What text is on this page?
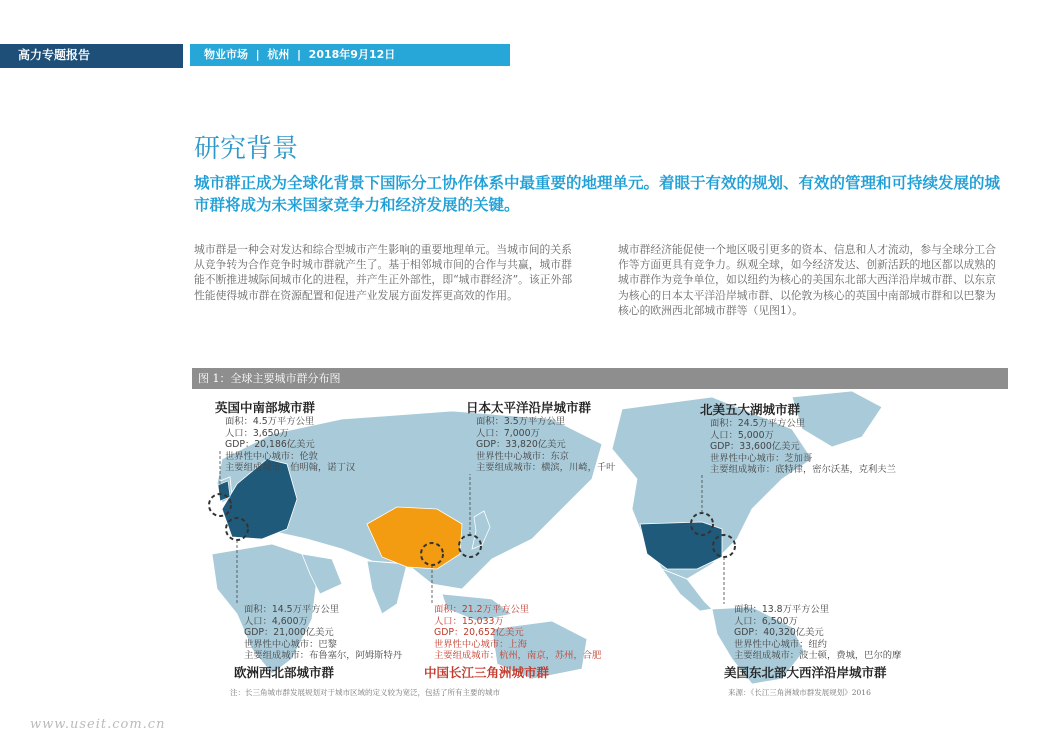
高力专题报告	物业市场  |  杭州  |  2018年9月12日
研究背景
城市群正成为全球化背景下国际分工协作体系中最重要的地理单元。着眼于有效的规划、有效的管理和可持续发展的城市群将成为未来国家竞争力和经济发展的关键。
城市群是一种会对发达和综合型城市产生影响的重要地理单元。当城市间的关系从竞争转为合作竞争时城市群就产生了。基于相邻城市间的合作与共赢，城市群能不断推进城际间城市化的进程，并产生正外部性，即“城市群经济”。该正外部性能使得城市群在资源配置和促进产业发展方面发挥更高效的作用。
城市群经济能促使一个地区吸引更多的资本、信息和人才流动，参与全球分工合作等方面更具有竞争力。纵观全球，如今经济发达、创新活跃的地区都以成熟的城市群作为竞争单位，如以纽约为核心的美国东北部大西洋沿岸城市群、以东京为核心的日本太平洋沿岸城市群、以伦敦为核心的英国中南部城市群和以巴黎为核心的欧洲西北部城市群等（见图1）。
图 1：全球主要城市群分布图
英国中南部城市群
面积：4.5万平方公里
人口：3,650万
GDP：20,186亿美元
世界性中心城市：伦敦
主要组成城市：伯明翰，诺丁汉
日本太平洋沿岸城市群
面积：3.5万平方公里
人口：7,000万
GDP：33,820亿美元
世界性中心城市：东京
主要组成城市：横滨，川崎，千叶
北美五大湖城市群
面积：24.5万平方公里
人口：5,000万
GDP：33,600亿美元
世界性中心城市：芝加哥
主要组成城市：底特律，密尔沃基，克利夫兰
面积：14.5万平方公里
人口：4,600万
GDP：21,000亿美元
世界性中心城市：巴黎
主要组成城市：布鲁塞尔，阿姆斯特丹
欧洲西北部城市群
面积：21.2万平方公里
人口：15,033万
GDP：20,652亿美元
世界性中心城市：上海
主要组成城市：杭州，南京，苏州，合肥
中国长江三角洲城市群
面积：13.8万平方公里
人口：6,500万
GDP：40,320亿美元
世界性中心城市：纽约
主要组成城市：波士顿，费城，巴尔的摩
美国东北部大西洋沿岸城市群
注：长三角城市群发展规划对于城市区域的定义较为宽泛，包括了所有主要的城市	来源：《长江三角洲城市群发展规划》2016
www.useit.com.cn
